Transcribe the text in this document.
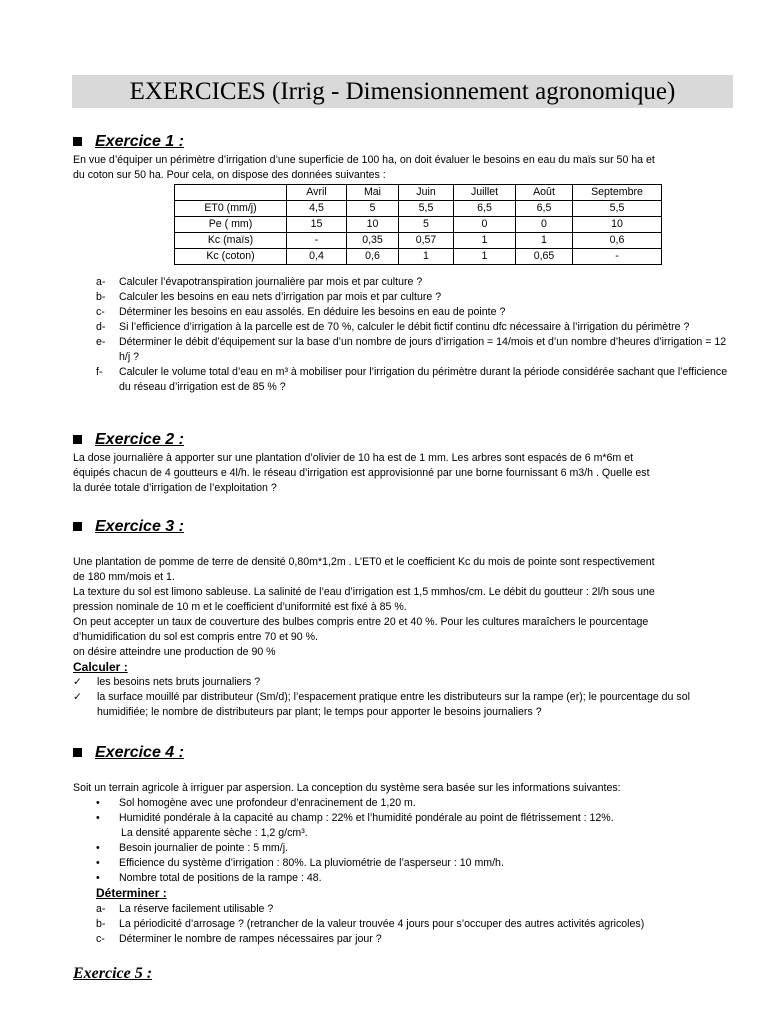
EXERCICES (Irrig - Dimensionnement agronomique)
Exercice 1 :

En vue d’équiper un périmètre d’irrigation d’une superficie de 100 ha, on doit évaluer le besoins en eau du maïs sur 50 ha et

du coton sur 50 ha. Pour cela, on dispose des données suivantes :

	Avril	Mai	Juin	Juillet	Août	Septembre
ET0 (mm/j)	4,5	5	5,5	6,5	6,5	5,5
Pe ( mm)	15	10	5	0	0	10
Kc (maïs)	-	0,35	0,57	1	1	0,6
Kc (coton)	0,4	0,6	1	1	0,65	-
a-	Calculer l’évapotranspiration journalière par mois et par culture ?
b-	Calculer les besoins en eau nets d’irrigation par mois et par culture ?
c-	Déterminer les besoins en eau assolés. En déduire les besoins en eau de pointe ?
d-	Si l’efficience d’irrigation à la parcelle est de 70 %, calculer le débit fictif continu dfc nécessaire à l’irrigation du périmètre ?
e-	Déterminer le débit d’équipement sur la base d’un nombre de jours d’irrigation = 14/mois et d’un nombre d’heures d’irrigation = 12 h/j ?
f-	Calculer le volume total d’eau en m³ à mobiliser pour l’irrigation du périmètre durant la période considérée sachant que l’efficience du réseau d’irrigation est de 85 % ?
Exercice 2 :

La dose journalière à apporter sur une plantation d’olivier de 10 ha est de 1 mm. Les arbres sont espacés de 6 m*6m et

équipés chacun de 4 goutteurs e 4l/h. le réseau d’irrigation est approvisionné par une borne fournissant 6 m3/h . Quelle est

la durée totale d’irrigation de l’exploitation ?

Exercice 3 :

Une plantation de pomme de terre de densité 0,80m*1,2m . L’ET0 et le coefficient Kc du mois de pointe sont respectivement

de 180 mm/mois et 1.

La texture du sol est limono sableuse. La salinité de l’eau d’irrigation est 1,5 mmhos/cm. Le débit du goutteur : 2l/h sous une

pression nominale de 10 m et le coefficient d’uniformité est fixé à 85 %.

On peut accepter un taux de couverture des bulbes compris entre 20 et 40 %. Pour les cultures maraîchers le pourcentage

d’humidification du sol est compris entre 70 et 90 %.

on désire atteindre une production de 90 %

Calculer :
✓	les besoins nets bruts journaliers ?
✓	la surface mouillé par distributeur (Sm/d); l’espacement pratique entre les distributeurs sur la rampe (er); le pourcentage du sol humidifiée; le nombre de distributeurs par plant; le temps pour apporter le besoins journaliers ?
Exercice 4 :

Soit un terrain agricole à irriguer par aspersion. La conception du système sera basée sur les informations suivantes:

•	Sol homogène avec une profondeur d’enracinement de 1,20 m.
•	Humidité pondérale à la capacité au champ : 22% et l’humidité pondérale au point de flétrissement : 12%.
La densité apparente sèche : 1,2 g/cm³.
•	Besoin journalier de pointe : 5 mm/j.
•	Efficience du système d’irrigation : 80%. La pluviométrie de l’asperseur : 10 mm/h.
•	Nombre total de positions de la rampe : 48.
Déterminer :
a-	La réserve facilement utilisable ?
b-	La périodicité d’arrosage ? (retrancher de la valeur trouvée 4 jours pour s’occuper des autres activités agricoles)
c-	Déterminer le nombre de rampes nécessaires par jour ?
Exercice 5 :
